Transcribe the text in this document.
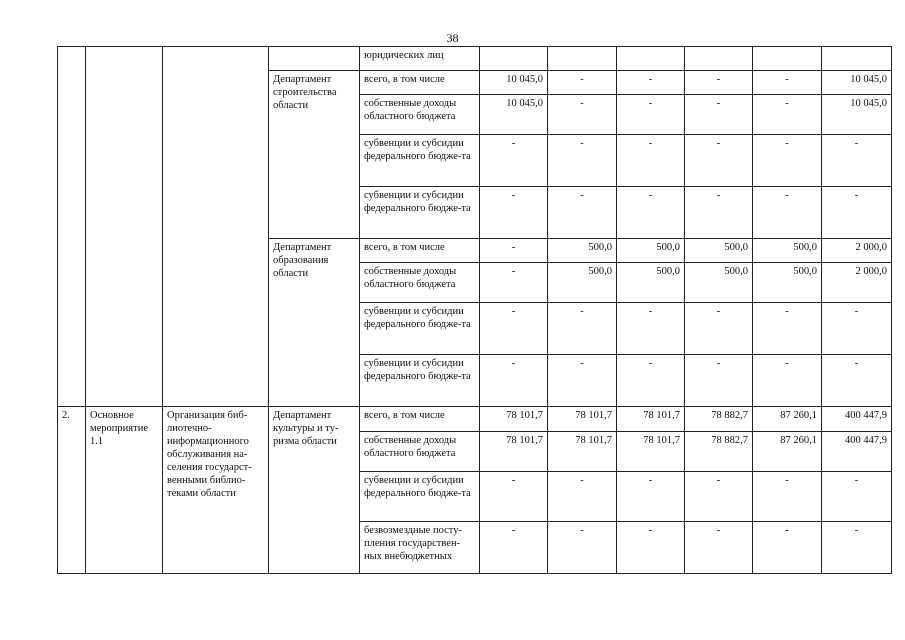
38
				юридических лиц						
			Департамент строительства области	всего, в том числе	10 045,0	-	-	-	-	10 045,0
				собственные доходы областного бюджета	10 045,0	-	-	-	-	10 045,0
				субвенции и субсидии федерального бюдже-та	-	-	-	-	-	-
				субвенции и субсидии федерального бюдже-та	-	-	-	-	-	-
			Департамент образования области	всего, в том числе	-	500,0	500,0	500,0	500,0	2 000,0
				собственные доходы областного бюджета	-	500,0	500,0	500,0	500,0	2 000,0
				субвенции и субсидии федерального бюдже-та	-	-	-	-	-	-
				субвенции и субсидии федерального бюдже-та	-	-	-	-	-	-
2.	Основное мероприятие 1.1	Организация биб-лиотечно-информационного обслуживания на-селения государст-венными библио-теками области	Департамент культуры и ту-ризма области	всего, в том числе	78 101,7	78 101,7	78 101,7	78 882,7	87 260,1	400 447,9
				собственные доходы областного бюджета	78 101,7	78 101,7	78 101,7	78 882,7	87 260,1	400 447,9
				субвенции и субсидии федерального бюдже-та	-	-	-	-	-	-
				безвозмездные посту-пления государствен-ных внебюджетных	-	-	-	-	-	-
